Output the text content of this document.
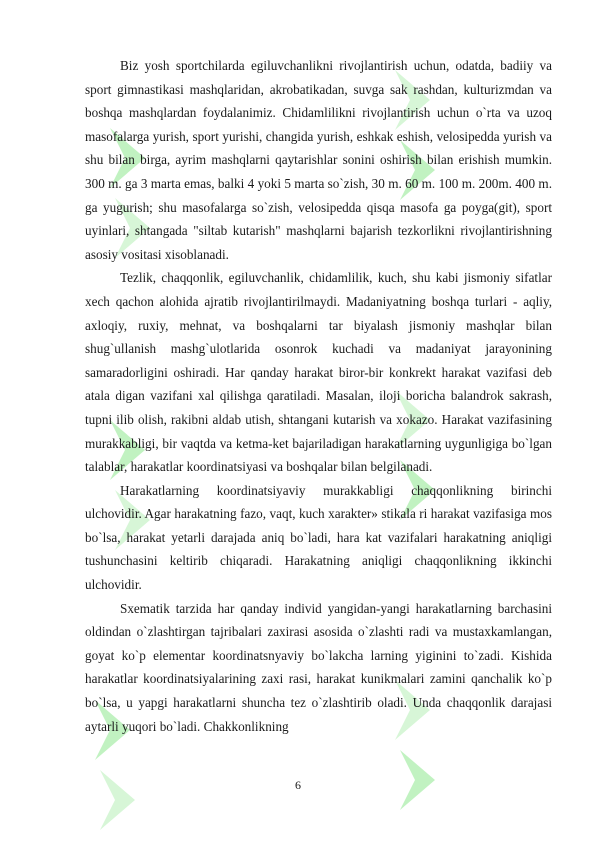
Biz yosh sportchilarda egiluvchanlikni rivojlantirish uchun, odatda, badiiy va sport gimnastikasi mashqlaridan, akrobatikadan, suvga sak rashdan, kulturizmdan va boshqa mashqlardan foydalanimiz. Chidamlilikni rivojlantirish uchun o`rta va uzoq masofalarga yurish, sport yurishi, changida yurish, eshkak eshish, velosipedda yurish va shu bilan birga, ayrim mashqlarni qaytarishlar sonini oshirish bilan erishish mumkin. 300 m. ga 3 marta emas, balki 4 yoki 5 marta so`zish, 30 m. 60 m. 100 m. 200m. 400 m. ga yugurish; shu masofalarga so`zish, velosipedda qisqa masofa ga poyga(git), sport uyinlari, shtangada "siltab kutarish" mashqlarni bajarish tezkorlikni rivojlantirishning asosiy vositasi xisoblanadi.

Tezlik, chaqqonlik, egiluvchanlik, chidamlilik, kuch, shu kabi jismoniy sifatlar xech qachon alohida ajratib rivojlantirilmaydi. Madaniyatning boshqa turlari - aqliy, axloqiy, ruxiy, mehnat, va boshqalarni tar biyalash jismoniy mashqlar bilan shug`ullanish mashg`ulotlarida osonrok kuchadi va madaniyat jarayonining samaradorligini oshiradi. Har qanday harakat biror-bir konkrekt harakat vazifasi deb atala digan vazifani xal qilishga qaratiladi. Masalan, iloji boricha balandrok sakrash, tupni ilib olish, rakibni aldab utish, shtangani kutarish va xokazo. Harakat vazifasining murakkabligi, bir vaqtda va ketma-ket bajariladigan harakatlarning uygunligiga bo`lgan talablar, harakatlar koordinatsiyasi va boshqalar bilan belgilanadi.

Harakatlarning koordinatsiyaviy murakkabligi chaqqonlikning birinchi ulchovidir. Agar harakatning fazo, vaqt, kuch xarakter» stikala ri harakat vazifasiga mos bo`lsa, harakat yetarli darajada aniq bo`ladi, hara kat vazifalari harakatning aniqligi tushunchasini keltirib chiqaradi. Harakatning aniqligi chaqqonlikning ikkinchi ulchovidir.

Sxematik tarzida har qanday individ yangidan-yangi harakatlarning barchasini oldindan o`zlashtirgan tajribalari zaxirasi asosida o`zlashti radi va mustaxkamlangan, goyat ko`p elementar koordinatsnyaviy bo`lakcha larning yiginini to`zadi. Kishida harakatlar koordinatsiyalarining zaxi rasi, harakat kunikmalari zamini qanchalik ko`p bo`lsa, u yapgi harakatlarni shuncha tez o`zlashtirib oladi. Unda chaqqonlik darajasi aytarli yuqori bo`ladi. Chakkonlikning

6
